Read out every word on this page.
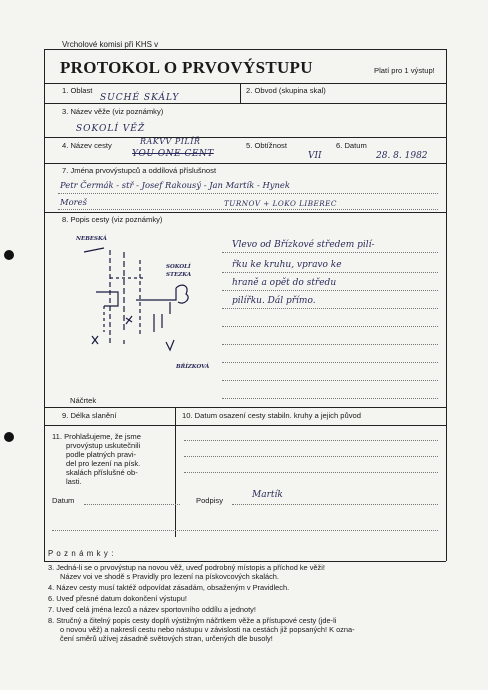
Vrcholové komisi při KHS v
PROTOKOL O PRVOVÝSTUPU	Platí pro 1 výstup!
1. Oblast
SUCHÉ SKÁLY
2. Obvod (skupina skal)
3. Název věže (viz poznámky)
SOKOLÍ VĚŽ
4. Název cesty	RAKVV PILÍŘ
YOU ONE CENT
5. Obtížnost
VII
6. Datum
28. 8. 1982
7. Jména prvovýstupců a oddílová příslušnost
Petr Čermák - stř - Josef Rakousý - Jan Martík - Hynek
Moreš	TURNOV + LOKO LIBEREC
8. Popis cesty (viz poznámky)
NEBESKÁ
SOKOLÍ
STEZKA
BŘÍZKOVÁ
Náčrtek
Vlevo od Břízkové středem pilí-
řku ke kruhu, vpravo ke
hraně a opět do středu
pilířku. Dál přímo.
9. Délka slanění	10. Datum osazení cesty stabiln. kruhy a jejich původ
11. Prohlašujeme, že jsme
prvovýstup uskutečnili
podle platných pravi-
del pro lezení na písk.
skalách příslušné ob-
lasti.
Datum	Podpisy
Martík
P o z n á m k y :
3. Jedná-li se o prvovýstup na novou věž, uveď podrobný místopis a příchod ke věži!
Název voi ve shodě s Pravidly pro lezení na pískovcových skalách.
4. Název cesty musí taktéž odpovídat zásadám, obsaženým v Pravidlech.
6. Uveď přesné datum dokončení výstupu!
7. Uveď celá jména lezců a název sportovního oddílu a jednoty!
8. Stručný a čitelný popis cesty doplň výstižným náčrtkem věže a přístupové cesty (jde-li
o novou věž) a nakresli cestu nebo nástupu v závislosti na cestách již popsaných! K ozna-
čení směrů užívej zásadně světových stran, určených dle busoly!
